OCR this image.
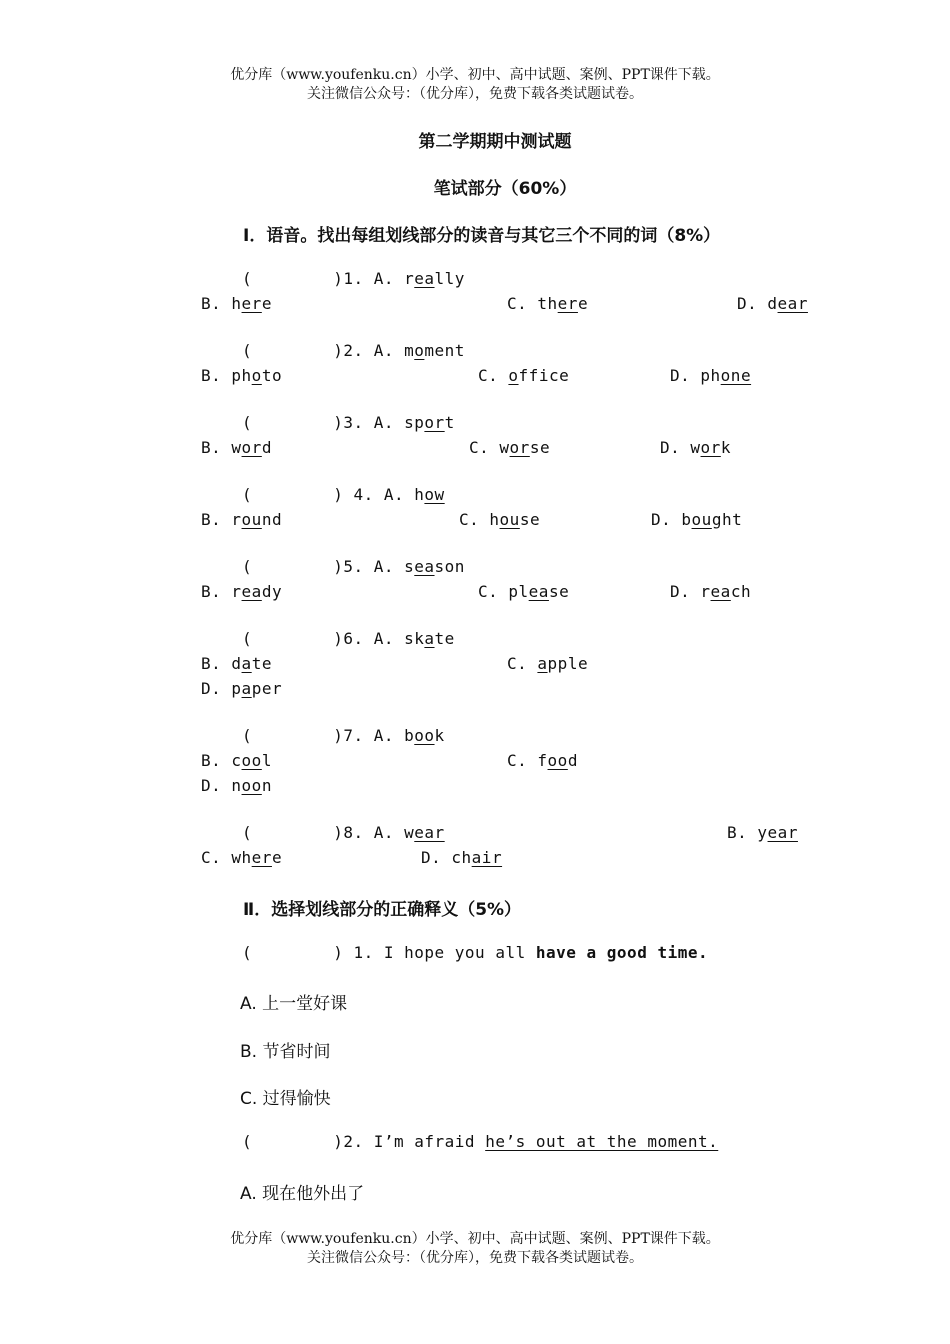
优分库（www.youfenku.cn）小学、初中、高中试题、案例、PPT课件下载。
关注微信公众号：（优分库），免费下载各类试题试卷。
第二学期期中测试题
笔试部分（60%）
Ⅰ．语音。找出每组划线部分的读音与其它三个不同的词（8%）
(        )1. A. really
B. here	C. there	D. dear
(        )2. A. moment
B. photo	C. office	D. phone
(        )3. A. sport
B. word	C. worse	D. work
(        ) 4. A. how
B. round	C. house	D. bought
(        )5. A. season
B. ready	C. please	D. reach
(        )6. A. skate
B. date	C. apple
D. paper
(        )7. A. book
B. cool	C. food
D. noon
(        )8. A. wear	B. year
C. where	D. chair
Ⅱ．选择划线部分的正确释义（5%）
(        ) 1. I hope you all have a good time.
A. 上一堂好课
B. 节省时间
C. 过得愉快
(        )2. I’m afraid he’s out at the moment.
A. 现在他外出了
优分库（www.youfenku.cn）小学、初中、高中试题、案例、PPT课件下载。
关注微信公众号：（优分库），免费下载各类试题试卷。
